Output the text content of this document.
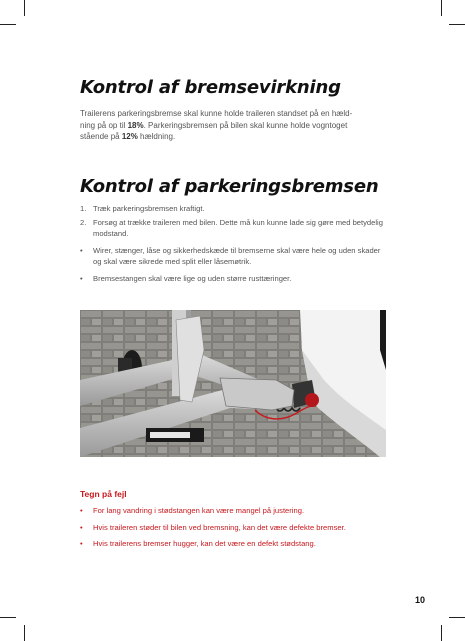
Kontrol af bremsevirkning

Trailerens parkeringsbremse skal kunne holde traileren standset på en hæld-
ning på op til 18%. Parkeringsbremsen på bilen skal kunne holde vogntoget
stående på 12% hældning.

Kontrol af parkeringsbremsen
1. Træk parkeringsbremsen kraftigt.
2. Forsøg at trække traileren med bilen. Dette må kun kunne lade sig gøre med betydelig modstand.
• Wirer, stænger, låse og sikkerhedskæde til bremserne skal være hele og uden skader og skal være sikrede med split eller låsemøtrik.
• Bremsestangen skal være lige og uden større rusttæringer.
Tegn på fejl
• For lang vandring i stødstangen kan være mangel på justering.
• Hvis traileren støder til bilen ved bremsning, kan det være defekte bremser.
• Hvis trailerens bremser hugger, kan det være en defekt stødstang.
10
